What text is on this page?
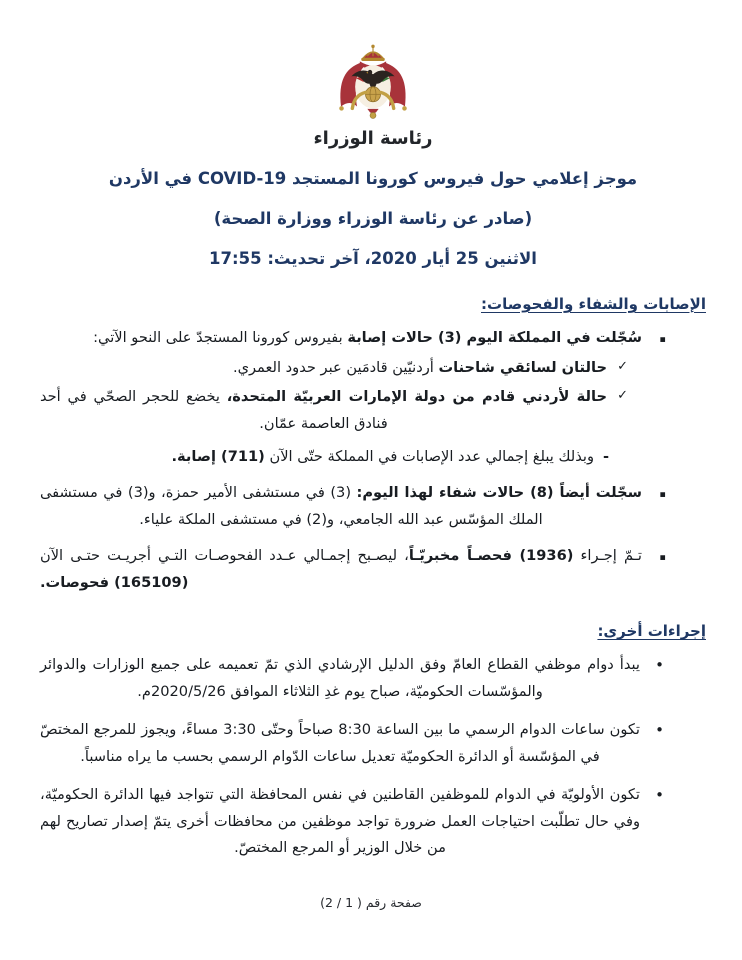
رئاسة الوزراء
موجز إعلامي حول فيروس كورونا المستجد COVID-19 في الأردن
(صادر عن رئاسة الوزراء ووزارة الصحة)
الاثنين 25 أيار 2020، آخر تحديث: 17:55
الإصابات والشفاء والفحوصات:
▪
سُجّلت في المملكة اليوم (3) حالات إصابة بفيروس كورونا المستجدّ على النحو الآتي:
✓
حالتان لسائقي شاحنات أردنيّين قادمَين عبر حدود العمري.
✓
حالة لأردني قادم من دولة الإمارات العربيّة المتحدة، يخضع للحجر الصحّي في أحد فنادق العاصمة عمّان.
-
وبذلك يبلغ إجمالي عدد الإصابات في المملكة حتّى الآن (711) إصابة.
▪
سجّلت أيضاً (8) حالات شفاء لهذا اليوم: (3) في مستشفى الأمير حمزة، و(3) في مستشفى الملك المؤسّس عبد الله الجامعي، و(2) في مستشفى الملكة علياء.
▪
تـمّ إجـراء (1936) فحصـاً مخبريّـاً، ليصـبح إجمـالي عـدد الفحوصـات التـي أجريـت حتـى الآن (165109) فحوصات.
إجراءات أخرى:
•
يبدأ دوام موظفي القطاع العامّ وفق الدليل الإرشادي الذي تمّ تعميمه على جميع الوزارات والدوائر والمؤسّسات الحكوميّة، صباح يوم غدِ الثلاثاء الموافق 2020/5/26م.
•
تكون ساعات الدوام الرسمي ما بين الساعة 8:30 صباحاً وحتّى 3:30 مساءً، ويجوز للمرجع المختصّ في المؤسّسة أو الدائرة الحكوميّة تعديل ساعات الدّوام الرسمي بحسب ما يراه مناسباً.
•
تكون الأولويّة في الدوام للموظفين القاطنين في نفس المحافظة التي تتواجد فيها الدائرة الحكوميّة، وفي حال تطلّبت احتياجات العمل ضرورة تواجد موظفين من محافظات أخرى يتمّ إصدار تصاريح لهم من خلال الوزير أو المرجع المختصّ.
صفحة رقم ( 1 / 2)
